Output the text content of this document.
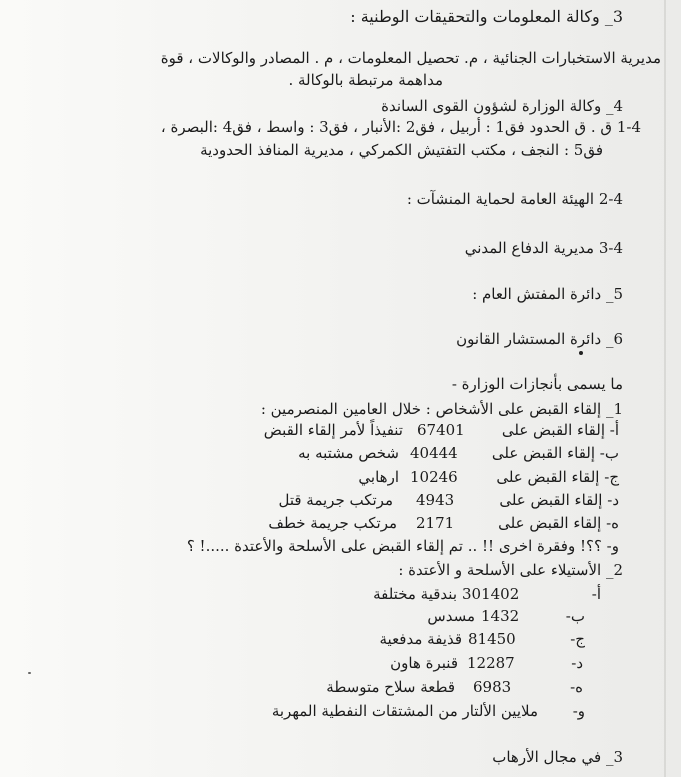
3_ وكالة المعلومات والتحقيقات الوطنية :

مديرية الاستخبارات الجنائية ، م. تحصيل المعلومات ، م . المصادر والوكالات ، قوة

مداهمة مرتبطة بالوكالة .

4_ وكالة الوزارة لشؤون القوى الساندة

1-4 ق . ق الحدود فق1 : أربيل ، فق2 :الأنبار ، فق3 : واسط ، فق4 :البصرة ،

فق5 : النجف ، مكتب التفتيش الكمركي ، مديرية المنافذ الحدودية

2-4 الهيئة العامة لحماية المنشآت :

3-4 مديرية الدفاع المدني

5_ دائرة المفتش العام :

6_ دائرة المستشار القانون

ما يسمى بأنجازات الوزارة -

1_ إلقاء القبض على الأشخاص : خلال العامين المنصرمين :

أ- إلقاء القبض على

67401

تنفيذاً لأمر إلقاء القبض

ب- إلقاء القبض على

40444

شخص مشتبه به

ج- إلقاء القبض على

10246

ارهابي

د- إلقاء القبض على

4943

مرتكب جريمة قتل

ه- إلقاء القبض على

2171

مرتكب جريمة خطف

و- ؟؟! وفقرة اخرى !! .. تم إلقاء القبض على الأسلحة والأعتدة .....! ؟

2_ الأستيلاء على الأسلحة و الأعتدة :

أ-

301402

بندقية مختلفة

ب-

1432

مسدس

ج-

81450

قذيفة مدفعية

د-

12287

قنبرة هاون

ه-

6983

قطعة سلاح متوسطة

و-

ملايين الألتار من المشتقات النفطية المهربة

3_ في مجال الأرهاب
